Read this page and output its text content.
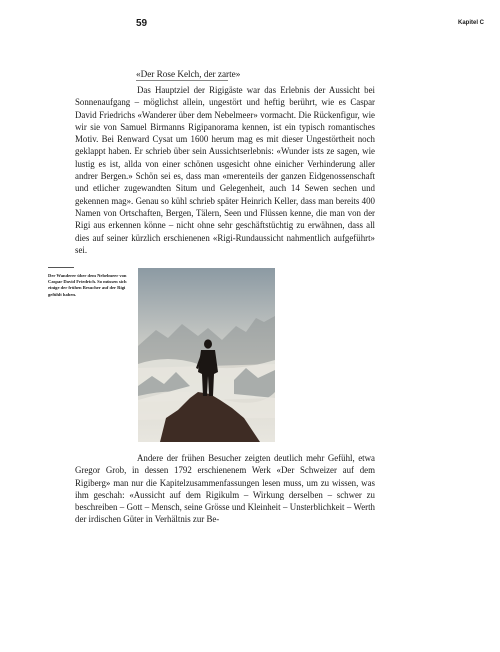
59	Kapitel C
«Der Rose Kelch, der zarte»

Das Hauptziel der Rigigäste war das Erlebnis der Aussicht bei Sonnenaufgang – möglichst allein, ungestört und heftig berührt, wie es Caspar David Friedrichs «Wanderer über dem Nebelmeer» vormacht. Die Rückenfigur, wie wir sie von Samuel Birmanns Rigipanorama kennen, ist ein typisch romantisches Motiv. Bei Renward Cysat um 1600 herum mag es mit dieser Ungestörtheit noch geklappt haben. Er schrieb über sein Aussichtserlebnis: «Wunder ists ze sagen, wie lustig es ist, allda von einer schönen usgesicht ohne einicher Verhinderung aller andrer Bergen.» Schön sei es, dass man «merenteils der ganzen Eidgenossenschaft und etlicher zugewandten Situm und Gelegenheit, auch 14 Sewen sechen und gekennen mag». Genau so kühl schrieb später Heinrich Keller, dass man bereits 400 Namen von Ortschaften, Bergen, Tälern, Seen und Flüssen kenne, die man von der Rigi aus erkennen könne – nicht ohne sehr geschäftstüchtig zu erwähnen, dass all dies auf seiner kürzlich erschienenen «Rigi-Rundaussicht nahmentlich aufgeführt» sei.

Der Wanderer über dem Nebelmeer von Caspar David Friedrich. So müssen sich einige der frühen Besucher auf der Rigi gefühlt haben.

Andere der frühen Besucher zeigten deutlich mehr Gefühl, etwa Gregor Grob, in dessen 1792 erschienenem Werk «Der Schweizer auf dem Rigiberg» man nur die Kapitelzusammenfassungen lesen muss, um zu wissen, was ihm geschah: «Aussicht auf dem Rigikulm – Wirkung derselben – schwer zu beschreiben – Gott – Mensch, seine Grösse und Kleinheit – Unsterblichkeit – Werth der irdischen Güter in Verhältnis zur Be-
